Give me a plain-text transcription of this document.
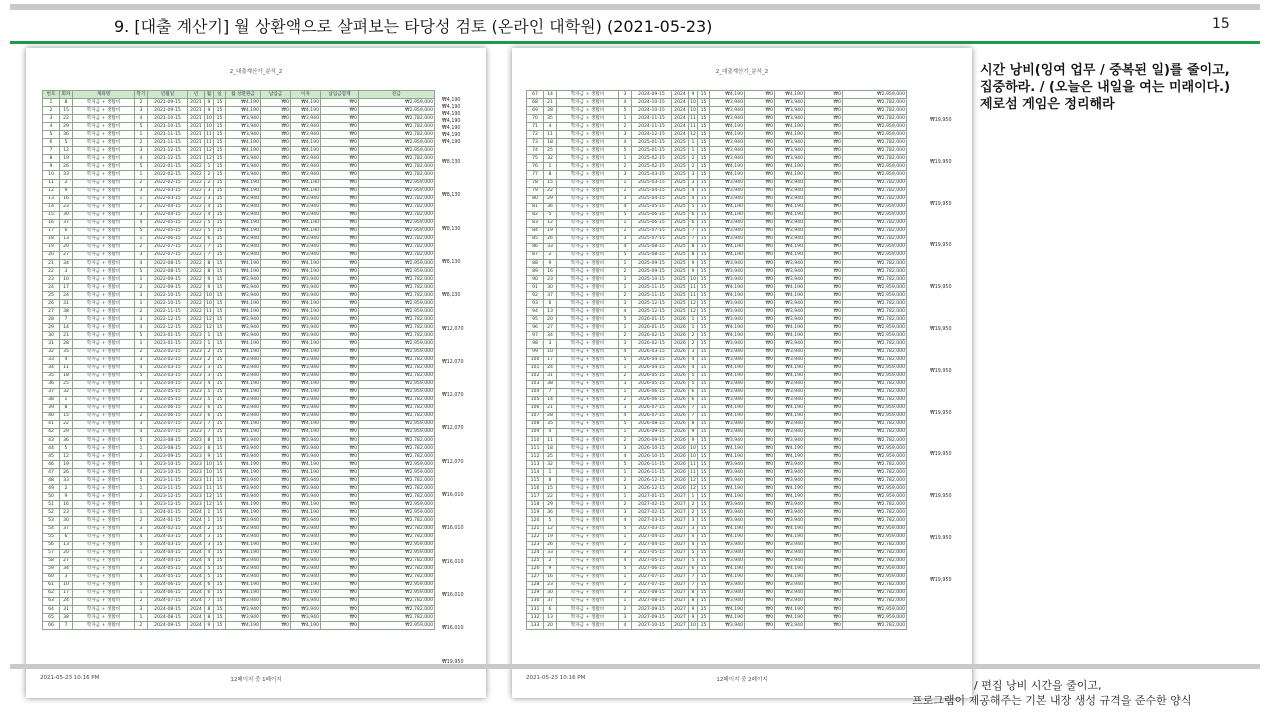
9. [대출 계산기] 월 상환액으로 살펴보는 타당성 검토 (온라인 대학원) (2021-05-23)	15
2_대출계산기_분석_2
번호	회차	계좌명	학기	년월일	년	월	일	월 상환원금	납입금	이자	납입금합계	잔금
1	8	학자금 + 생활비	2	2021-09-15	2021	9	15	₩4,190	₩0	₩4,190	₩0	₩2,959,000
2	15	학자금 + 생활비	3	2021-09-15	2021	9	15	₩4,190	₩0	₩4,190	₩0	₩2,959,000
3	22	학자금 + 생활비	4	2021-10-15	2021	10	15	₩3,940	₩0	₩3,940	₩0	₩2,782,000
4	29	학자금 + 생활비	5	2021-10-15	2021	10	15	₩3,940	₩0	₩3,940	₩0	₩2,782,000
5	36	학자금 + 생활비	1	2021-11-15	2021	11	15	₩3,940	₩0	₩3,940	₩0	₩2,782,000
6	5	학자금 + 생활비	2	2021-11-15	2021	11	15	₩4,190	₩0	₩4,190	₩0	₩2,959,000
7	12	학자금 + 생활비	3	2021-12-15	2021	12	15	₩4,190	₩0	₩4,190	₩0	₩2,959,000
8	19	학자금 + 생활비	4	2021-12-15	2021	12	15	₩3,940	₩0	₩3,940	₩0	₩2,782,000
9	26	학자금 + 생활비	5	2022-01-15	2022	1	15	₩3,940	₩0	₩3,940	₩0	₩2,782,000
10	33	학자금 + 생활비	1	2022-02-15	2022	2	15	₩3,940	₩0	₩3,940	₩0	₩2,782,000
11	2	학자금 + 생활비	2	2022-02-15	2022	2	15	₩4,190	₩0	₩4,190	₩0	₩2,959,000
12	9	학자금 + 생활비	3	2022-03-15	2022	3	15	₩4,190	₩0	₩4,190	₩0	₩2,959,000
13	16	학자금 + 생활비	1	2022-03-15	2022	3	15	₩3,940	₩0	₩3,940	₩0	₩2,782,000
14	23	학자금 + 생활비	2	2022-04-15	2022	4	15	₩3,940	₩0	₩3,940	₩0	₩2,782,000
15	30	학자금 + 생활비	3	2022-04-15	2022	4	15	₩3,940	₩0	₩3,940	₩0	₩2,782,000
16	37	학자금 + 생활비	4	2022-05-15	2022	5	15	₩4,190	₩0	₩4,190	₩0	₩2,959,000
17	6	학자금 + 생활비	5	2022-05-15	2022	5	15	₩4,190	₩0	₩4,190	₩0	₩2,959,000
18	13	학자금 + 생활비	1	2022-06-15	2022	6	15	₩3,940	₩0	₩3,940	₩0	₩2,782,000
19	20	학자금 + 생활비	2	2022-07-15	2022	7	15	₩3,940	₩0	₩3,940	₩0	₩2,782,000
20	27	학자금 + 생활비	3	2022-07-15	2022	7	15	₩3,940	₩0	₩3,940	₩0	₩2,782,000
21	34	학자금 + 생활비	4	2022-08-15	2022	8	15	₩4,190	₩0	₩4,190	₩0	₩2,959,000
22	3	학자금 + 생활비	5	2022-08-15	2022	8	15	₩4,190	₩0	₩4,190	₩0	₩2,959,000
23	10	학자금 + 생활비	1	2022-09-15	2022	9	15	₩3,940	₩0	₩3,940	₩0	₩2,782,000
24	17	학자금 + 생활비	2	2022-09-15	2022	9	15	₩3,940	₩0	₩3,940	₩0	₩2,782,000
25	24	학자금 + 생활비	3	2022-10-15	2022	10	15	₩3,940	₩0	₩3,940	₩0	₩2,782,000
26	31	학자금 + 생활비	1	2022-10-15	2022	10	15	₩4,190	₩0	₩4,190	₩0	₩2,959,000
27	38	학자금 + 생활비	2	2022-11-15	2022	11	15	₩4,190	₩0	₩4,190	₩0	₩2,959,000
28	7	학자금 + 생활비	3	2022-12-15	2022	12	15	₩3,940	₩0	₩3,940	₩0	₩2,782,000
29	14	학자금 + 생활비	4	2022-12-15	2022	12	15	₩3,940	₩0	₩3,940	₩0	₩2,782,000
30	21	학자금 + 생활비	5	2023-01-15	2023	1	15	₩3,940	₩0	₩3,940	₩0	₩2,782,000
31	28	학자금 + 생활비	1	2023-01-15	2023	1	15	₩4,190	₩0	₩4,190	₩0	₩2,959,000
32	35	학자금 + 생활비	2	2023-02-15	2023	2	15	₩4,190	₩0	₩4,190	₩0	₩2,959,000
33	4	학자금 + 생활비	3	2023-02-15	2023	2	15	₩3,940	₩0	₩3,940	₩0	₩2,782,000
34	11	학자금 + 생활비	4	2023-03-15	2023	3	15	₩3,940	₩0	₩3,940	₩0	₩2,782,000
35	18	학자금 + 생활비	5	2023-03-15	2023	3	15	₩3,940	₩0	₩3,940	₩0	₩2,782,000
36	25	학자금 + 생활비	1	2023-04-15	2023	4	15	₩4,190	₩0	₩4,190	₩0	₩2,959,000
37	32	학자금 + 생활비	2	2023-05-15	2023	5	15	₩4,190	₩0	₩4,190	₩0	₩2,959,000
38	1	학자금 + 생활비	3	2023-05-15	2023	5	15	₩3,940	₩0	₩3,940	₩0	₩2,782,000
39	8	학자금 + 생활비	1	2023-06-15	2023	6	15	₩3,940	₩0	₩3,940	₩0	₩2,782,000
40	15	학자금 + 생활비	2	2023-06-15	2023	6	15	₩3,940	₩0	₩3,940	₩0	₩2,782,000
41	22	학자금 + 생활비	3	2023-07-15	2023	7	15	₩4,190	₩0	₩4,190	₩0	₩2,959,000
42	29	학자금 + 생활비	4	2023-07-15	2023	7	15	₩4,190	₩0	₩4,190	₩0	₩2,959,000
43	36	학자금 + 생활비	5	2023-08-15	2023	8	15	₩3,940	₩0	₩3,940	₩0	₩2,782,000
44	5	학자금 + 생활비	1	2023-08-15	2023	8	15	₩3,940	₩0	₩3,940	₩0	₩2,782,000
45	12	학자금 + 생활비	2	2023-09-15	2023	9	15	₩3,940	₩0	₩3,940	₩0	₩2,782,000
46	19	학자금 + 생활비	3	2023-10-15	2023	10	15	₩4,190	₩0	₩4,190	₩0	₩2,959,000
47	26	학자금 + 생활비	4	2023-10-15	2023	10	15	₩4,190	₩0	₩4,190	₩0	₩2,959,000
48	33	학자금 + 생활비	5	2023-11-15	2023	11	15	₩3,940	₩0	₩3,940	₩0	₩2,782,000
49	2	학자금 + 생활비	1	2023-11-15	2023	11	15	₩3,940	₩0	₩3,940	₩0	₩2,782,000
50	9	학자금 + 생활비	2	2023-12-15	2023	12	15	₩3,940	₩0	₩3,940	₩0	₩2,782,000
51	16	학자금 + 생활비	3	2023-12-15	2023	12	15	₩4,190	₩0	₩4,190	₩0	₩2,959,000
52	23	학자금 + 생활비	1	2024-01-15	2024	1	15	₩4,190	₩0	₩4,190	₩0	₩2,959,000
53	30	학자금 + 생활비	2	2024-01-15	2024	1	15	₩3,940	₩0	₩3,940	₩0	₩2,782,000
54	37	학자금 + 생활비	3	2024-02-15	2024	2	15	₩3,940	₩0	₩3,940	₩0	₩2,782,000
55	6	학자금 + 생활비	4	2024-03-15	2024	3	15	₩3,940	₩0	₩3,940	₩0	₩2,782,000
56	13	학자금 + 생활비	5	2024-03-15	2024	3	15	₩4,190	₩0	₩4,190	₩0	₩2,959,000
57	20	학자금 + 생활비	1	2024-04-15	2024	4	15	₩4,190	₩0	₩4,190	₩0	₩2,959,000
58	27	학자금 + 생활비	2	2024-04-15	2024	4	15	₩3,940	₩0	₩3,940	₩0	₩2,782,000
59	34	학자금 + 생활비	3	2024-05-15	2024	5	15	₩3,940	₩0	₩3,940	₩0	₩2,782,000
60	3	학자금 + 생활비	4	2024-05-15	2024	5	15	₩3,940	₩0	₩3,940	₩0	₩2,782,000
61	10	학자금 + 생활비	5	2024-06-15	2024	6	15	₩4,190	₩0	₩4,190	₩0	₩2,959,000
62	17	학자금 + 생활비	1	2024-06-15	2024	6	15	₩4,190	₩0	₩4,190	₩0	₩2,959,000
63	24	학자금 + 생활비	2	2024-07-15	2024	7	15	₩3,940	₩0	₩3,940	₩0	₩2,782,000
64	31	학자금 + 생활비	3	2024-08-15	2024	8	15	₩3,940	₩0	₩3,940	₩0	₩2,782,000
65	38	학자금 + 생활비	1	2024-08-15	2024	8	15	₩3,940	₩0	₩3,940	₩0	₩2,782,000
66	7	학자금 + 생활비	2	2024-09-15	2024	9	15	₩4,190	₩0	₩4,190	₩0	₩2,959,000
₩4,190
₩4,190
₩4,190
₩4,190
₩4,190
₩4,190
₩4,190
₩8,130
₩8,130
₩8,130
₩8,130
₩8,130
₩12,070
₩12,070
₩12,070
₩12,070
₩12,070
₩16,010
₩16,010
₩16,010
₩16,010
₩16,010
₩19,950
2021-05-23 10:16 PM	12페이지 중 1페이지
2_대출계산기_분석_2
67	14	학자금 + 생활비	3	2024-09-15	2024	9	15	₩4,190	₩0	₩4,190	₩0	₩2,959,000
68	21	학자금 + 생활비	4	2024-10-15	2024	10	15	₩3,940	₩0	₩3,940	₩0	₩2,782,000
69	28	학자금 + 생활비	5	2024-10-15	2024	10	15	₩3,940	₩0	₩3,940	₩0	₩2,782,000
70	35	학자금 + 생활비	1	2024-11-15	2024	11	15	₩3,940	₩0	₩3,940	₩0	₩2,782,000
71	4	학자금 + 생활비	2	2024-11-15	2024	11	15	₩4,190	₩0	₩4,190	₩0	₩2,959,000
72	11	학자금 + 생활비	3	2024-12-15	2024	12	15	₩4,190	₩0	₩4,190	₩0	₩2,959,000
73	18	학자금 + 생활비	4	2025-01-15	2025	1	15	₩3,940	₩0	₩3,940	₩0	₩2,782,000
74	25	학자금 + 생활비	5	2025-01-15	2025	1	15	₩3,940	₩0	₩3,940	₩0	₩2,782,000
75	32	학자금 + 생활비	1	2025-02-15	2025	2	15	₩3,940	₩0	₩3,940	₩0	₩2,782,000
76	1	학자금 + 생활비	2	2025-02-15	2025	2	15	₩4,190	₩0	₩4,190	₩0	₩2,959,000
77	8	학자금 + 생활비	3	2025-03-15	2025	3	15	₩4,190	₩0	₩4,190	₩0	₩2,959,000
78	15	학자금 + 생활비	1	2025-03-15	2025	3	15	₩3,940	₩0	₩3,940	₩0	₩2,782,000
79	22	학자금 + 생활비	2	2025-04-15	2025	4	15	₩3,940	₩0	₩3,940	₩0	₩2,782,000
80	29	학자금 + 생활비	3	2025-04-15	2025	4	15	₩3,940	₩0	₩3,940	₩0	₩2,782,000
81	36	학자금 + 생활비	4	2025-05-15	2025	5	15	₩4,190	₩0	₩4,190	₩0	₩2,959,000
82	5	학자금 + 생활비	5	2025-06-15	2025	6	15	₩4,190	₩0	₩4,190	₩0	₩2,959,000
83	12	학자금 + 생활비	1	2025-06-15	2025	6	15	₩3,940	₩0	₩3,940	₩0	₩2,782,000
84	19	학자금 + 생활비	2	2025-07-15	2025	7	15	₩3,940	₩0	₩3,940	₩0	₩2,782,000
85	26	학자금 + 생활비	3	2025-07-15	2025	7	15	₩3,940	₩0	₩3,940	₩0	₩2,782,000
86	33	학자금 + 생활비	4	2025-08-15	2025	8	15	₩4,190	₩0	₩4,190	₩0	₩2,959,000
87	2	학자금 + 생활비	5	2025-08-15	2025	8	15	₩4,190	₩0	₩4,190	₩0	₩2,959,000
88	9	학자금 + 생활비	1	2025-09-15	2025	9	15	₩3,940	₩0	₩3,940	₩0	₩2,782,000
89	16	학자금 + 생활비	2	2025-09-15	2025	9	15	₩3,940	₩0	₩3,940	₩0	₩2,782,000
90	23	학자금 + 생활비	3	2025-10-15	2025	10	15	₩3,940	₩0	₩3,940	₩0	₩2,782,000
91	30	학자금 + 생활비	1	2025-11-15	2025	11	15	₩4,190	₩0	₩4,190	₩0	₩2,959,000
92	37	학자금 + 생활비	2	2025-11-15	2025	11	15	₩4,190	₩0	₩4,190	₩0	₩2,959,000
93	6	학자금 + 생활비	3	2025-12-15	2025	12	15	₩3,940	₩0	₩3,940	₩0	₩2,782,000
94	13	학자금 + 생활비	4	2025-12-15	2025	12	15	₩3,940	₩0	₩3,940	₩0	₩2,782,000
95	20	학자금 + 생활비	5	2026-01-15	2026	1	15	₩3,940	₩0	₩3,940	₩0	₩2,782,000
96	27	학자금 + 생활비	1	2026-01-15	2026	1	15	₩4,190	₩0	₩4,190	₩0	₩2,959,000
97	34	학자금 + 생활비	2	2026-02-15	2026	2	15	₩4,190	₩0	₩4,190	₩0	₩2,959,000
98	3	학자금 + 생활비	3	2026-02-15	2026	2	15	₩3,940	₩0	₩3,940	₩0	₩2,782,000
99	10	학자금 + 생활비	4	2026-03-15	2026	3	15	₩3,940	₩0	₩3,940	₩0	₩2,782,000
100	17	학자금 + 생활비	5	2026-04-15	2026	4	15	₩3,940	₩0	₩3,940	₩0	₩2,782,000
101	24	학자금 + 생활비	1	2026-04-15	2026	4	15	₩4,190	₩0	₩4,190	₩0	₩2,959,000
102	31	학자금 + 생활비	2	2026-05-15	2026	5	15	₩4,190	₩0	₩4,190	₩0	₩2,959,000
103	38	학자금 + 생활비	3	2026-05-15	2026	5	15	₩3,940	₩0	₩3,940	₩0	₩2,782,000
104	7	학자금 + 생활비	1	2026-06-15	2026	6	15	₩3,940	₩0	₩3,940	₩0	₩2,782,000
105	14	학자금 + 생활비	2	2026-06-15	2026	6	15	₩3,940	₩0	₩3,940	₩0	₩2,782,000
106	21	학자금 + 생활비	3	2026-07-15	2026	7	15	₩4,190	₩0	₩4,190	₩0	₩2,959,000
107	28	학자금 + 생활비	4	2026-07-15	2026	7	15	₩4,190	₩0	₩4,190	₩0	₩2,959,000
108	35	학자금 + 생활비	5	2026-08-15	2026	8	15	₩3,940	₩0	₩3,940	₩0	₩2,782,000
109	4	학자금 + 생활비	1	2026-09-15	2026	9	15	₩3,940	₩0	₩3,940	₩0	₩2,782,000
110	11	학자금 + 생활비	2	2026-09-15	2026	9	15	₩3,940	₩0	₩3,940	₩0	₩2,782,000
111	18	학자금 + 생활비	3	2026-10-15	2026	10	15	₩4,190	₩0	₩4,190	₩0	₩2,959,000
112	25	학자금 + 생활비	4	2026-10-15	2026	10	15	₩4,190	₩0	₩4,190	₩0	₩2,959,000
113	32	학자금 + 생활비	5	2026-11-15	2026	11	15	₩3,940	₩0	₩3,940	₩0	₩2,782,000
114	1	학자금 + 생활비	1	2026-11-15	2026	11	15	₩3,940	₩0	₩3,940	₩0	₩2,782,000
115	8	학자금 + 생활비	2	2026-12-15	2026	12	15	₩3,940	₩0	₩3,940	₩0	₩2,782,000
116	15	학자금 + 생활비	3	2026-12-15	2026	12	15	₩4,190	₩0	₩4,190	₩0	₩2,959,000
117	22	학자금 + 생활비	1	2027-01-15	2027	1	15	₩4,190	₩0	₩4,190	₩0	₩2,959,000
118	29	학자금 + 생활비	2	2027-02-15	2027	2	15	₩3,940	₩0	₩3,940	₩0	₩2,782,000
119	36	학자금 + 생활비	3	2027-02-15	2027	2	15	₩3,940	₩0	₩3,940	₩0	₩2,782,000
120	5	학자금 + 생활비	4	2027-03-15	2027	3	15	₩3,940	₩0	₩3,940	₩0	₩2,782,000
121	12	학자금 + 생활비	5	2027-03-15	2027	3	15	₩4,190	₩0	₩4,190	₩0	₩2,959,000
122	19	학자금 + 생활비	1	2027-04-15	2027	4	15	₩4,190	₩0	₩4,190	₩0	₩2,959,000
123	26	학자금 + 생활비	2	2027-04-15	2027	4	15	₩3,940	₩0	₩3,940	₩0	₩2,782,000
124	33	학자금 + 생활비	3	2027-05-15	2027	5	15	₩3,940	₩0	₩3,940	₩0	₩2,782,000
125	2	학자금 + 생활비	4	2027-05-15	2027	5	15	₩3,940	₩0	₩3,940	₩0	₩2,782,000
126	9	학자금 + 생활비	5	2027-06-15	2027	6	15	₩4,190	₩0	₩4,190	₩0	₩2,959,000
127	16	학자금 + 생활비	1	2027-07-15	2027	7	15	₩4,190	₩0	₩4,190	₩0	₩2,959,000
128	23	학자금 + 생활비	2	2027-07-15	2027	7	15	₩3,940	₩0	₩3,940	₩0	₩2,782,000
129	30	학자금 + 생활비	3	2027-08-15	2027	8	15	₩3,940	₩0	₩3,940	₩0	₩2,782,000
130	37	학자금 + 생활비	1	2027-08-15	2027	8	15	₩3,940	₩0	₩3,940	₩0	₩2,782,000
131	6	학자금 + 생활비	2	2027-09-15	2027	9	15	₩4,190	₩0	₩4,190	₩0	₩2,959,000
132	13	학자금 + 생활비	3	2027-09-15	2027	9	15	₩4,190	₩0	₩4,190	₩0	₩2,959,000
133	20	학자금 + 생활비	4	2027-10-15	2027	10	15	₩3,940	₩0	₩3,940	₩0	₩2,782,000
₩19,950
₩19,950
₩19,950
₩19,950
₩19,950
₩19,950
₩19,950
₩19,950
₩19,950
₩19,950
₩19,950
₩19,950
2021-05-23 10:16 PM	12페이지 중 2페이지
시간 낭비(잉여 업무 / 중복된 일)를 줄이고,
집중하라. / (오늘은 내일을 여는 미래이다.)
제로섬 게임은 정리해라
/ 편집 낭비 시간을 줄이고,
프로그램이 제공해주는 기본 내장 생성 규격을 준수한 양식
